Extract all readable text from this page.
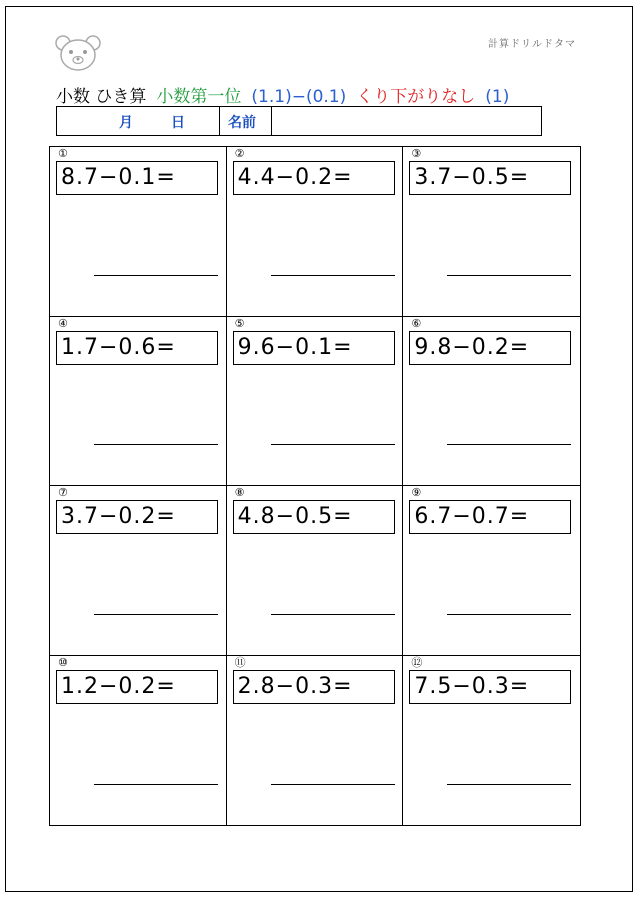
計算ドリルドタマ
小数 ひき算 小数第一位 (1.1)−(0.1) くり下がりなし (1)
月	日	名前
①
8.7−0.1=
②
4.4−0.2=
③
3.7−0.5=
④
1.7−0.6=
⑤
9.6−0.1=
⑥
9.8−0.2=
⑦
3.7−0.2=
⑧
4.8−0.5=
⑨
6.7−0.7=
⑩
1.2−0.2=
⑪
2.8−0.3=
⑫
7.5−0.3=
